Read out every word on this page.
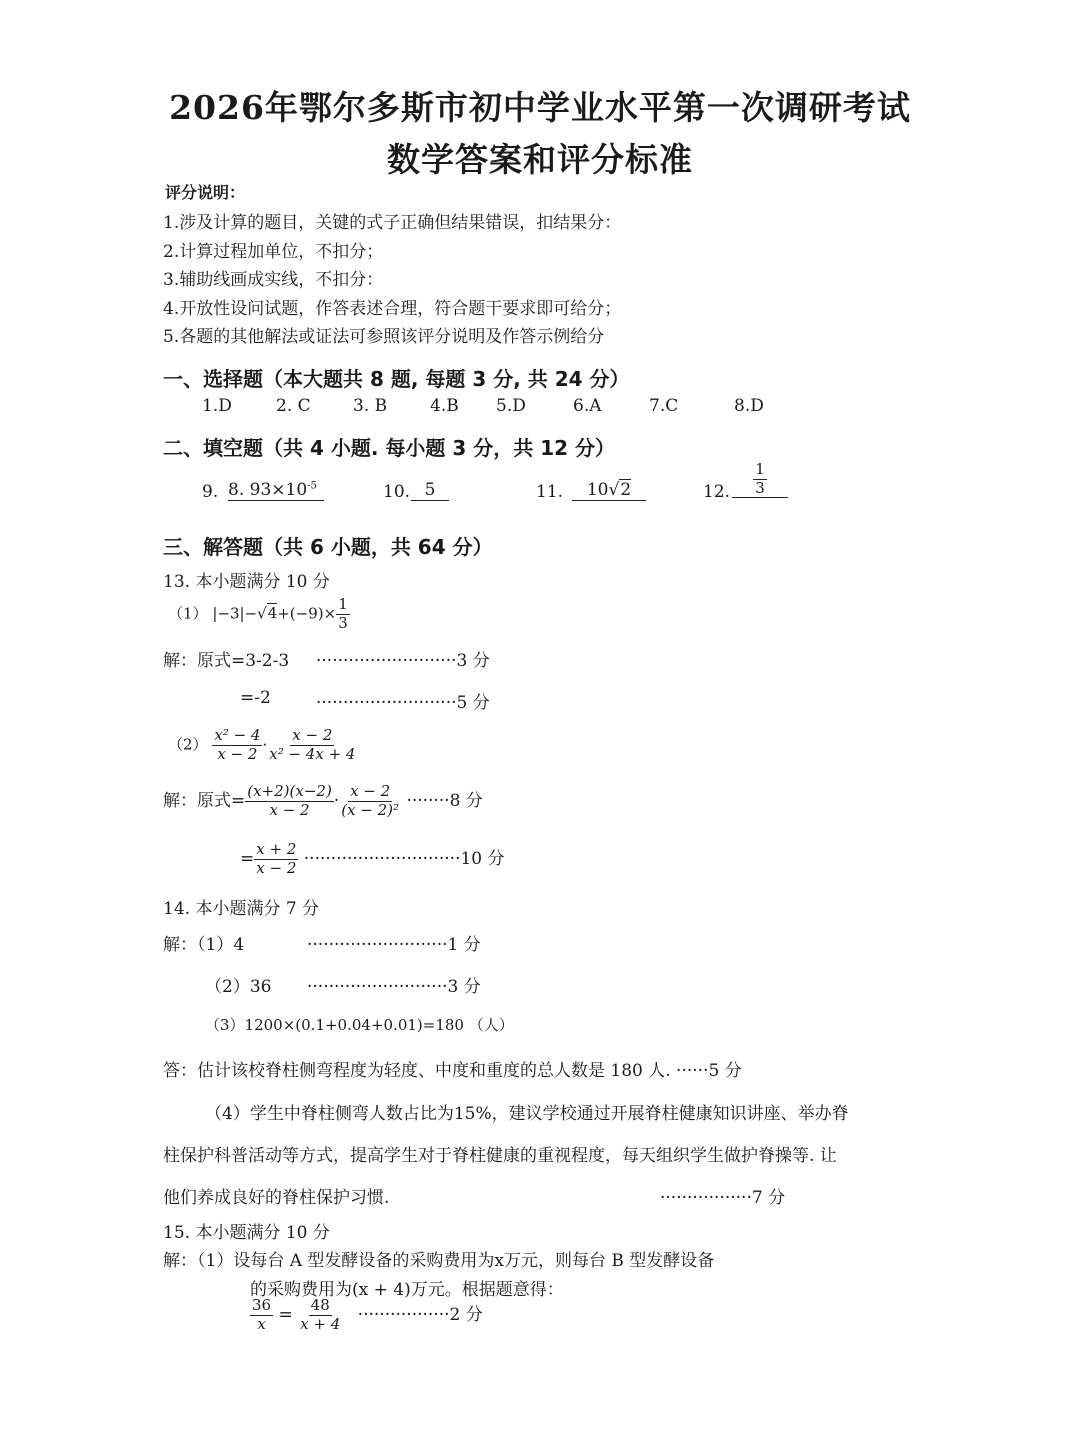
2026年鄂尔多斯市初中学业水平第一次调研考试
数学答案和评分标准
评分说明：
1.涉及计算的题目，关键的式子正确但结果错误，扣结果分：
2.计算过程加单位，不扣分；
3.辅助线画成实线，不扣分：
4.开放性设问试题，作答表述合理，符合题干要求即可给分；
5.各题的其他解法或证法可参照该评分说明及作答示例给分
一、选择题（本大题共 8 题, 每题 3 分, 共 24 分）
1.D	2. C 3. B	4.B 5.D	6.A	7.C	8.D
二、填空题（共 4 小题. 每小题 3 分，共 12 分）
9. 8. $93\times 10^{-5}$	10. 5	11.	10√2	12. $\frac{1}{3}$
三、解答题（共 6 小题，共 64 分）
13. 本小题满分 10 分
（1） $|-3|-√4+(-9)\times \frac{1}{3}$
解：原式=3-2-3 ··························3 分
=-2	··························5 分
$(2) \frac{\text{x² − 4}}{x - 2} \cdot \frac{x - 2}{\text{x² − 4x + 4}}$
解：原式= $\frac{(x+2)(x-2)}{x - 2} \cdot \frac{x - 2}{\text{(x − 2)²}} \cdot\cdot\cdot\cdot\cdot\cdot\cdot\cdot 8$ 分
= $\frac{x + 2}{x - 2} \cdot\cdot\cdot\cdot\cdot\cdot\cdot\cdot\cdot\cdot\cdot\cdot\cdot\cdot\cdot\cdot\cdot\cdot\cdot\cdot\cdot\cdot\cdot\cdot\cdot\cdot\cdot\cdot\cdot 10$ 分
14. 本小题满分 7 分
解：（1）4	··························1 分
（2）36 ··························3 分
（3）1200×(0.1+0.04+0.01)=180 （人）
答：估计该校脊柱侧弯程度为轻度、中度和重度的总人数是 180 人. ······5 分
（4）学生中脊柱侧弯人数占比为15%，建议学校通过开展脊柱健康知识讲座、举办脊
柱保护科普活动等方式，提高学生对于脊柱健康的重视程度，每天组织学生做护脊操等. 让
他们养成良好的脊柱保护习惯.	·················7 分
15. 本小题满分 10 分
解：（1）设每台 A 型发酵设备的采购费用为x万元，则每台 B 型发酵设备
的采购费用为(x + 4)万元。根据题意得：
$\frac{36}{x} = \frac{48}{x + 4} \cdot\cdot\cdot\cdot\cdot\cdot\cdot\cdot\cdot\cdot\cdot\cdot\cdot\cdot\cdot\cdot\cdot 2$ 分
